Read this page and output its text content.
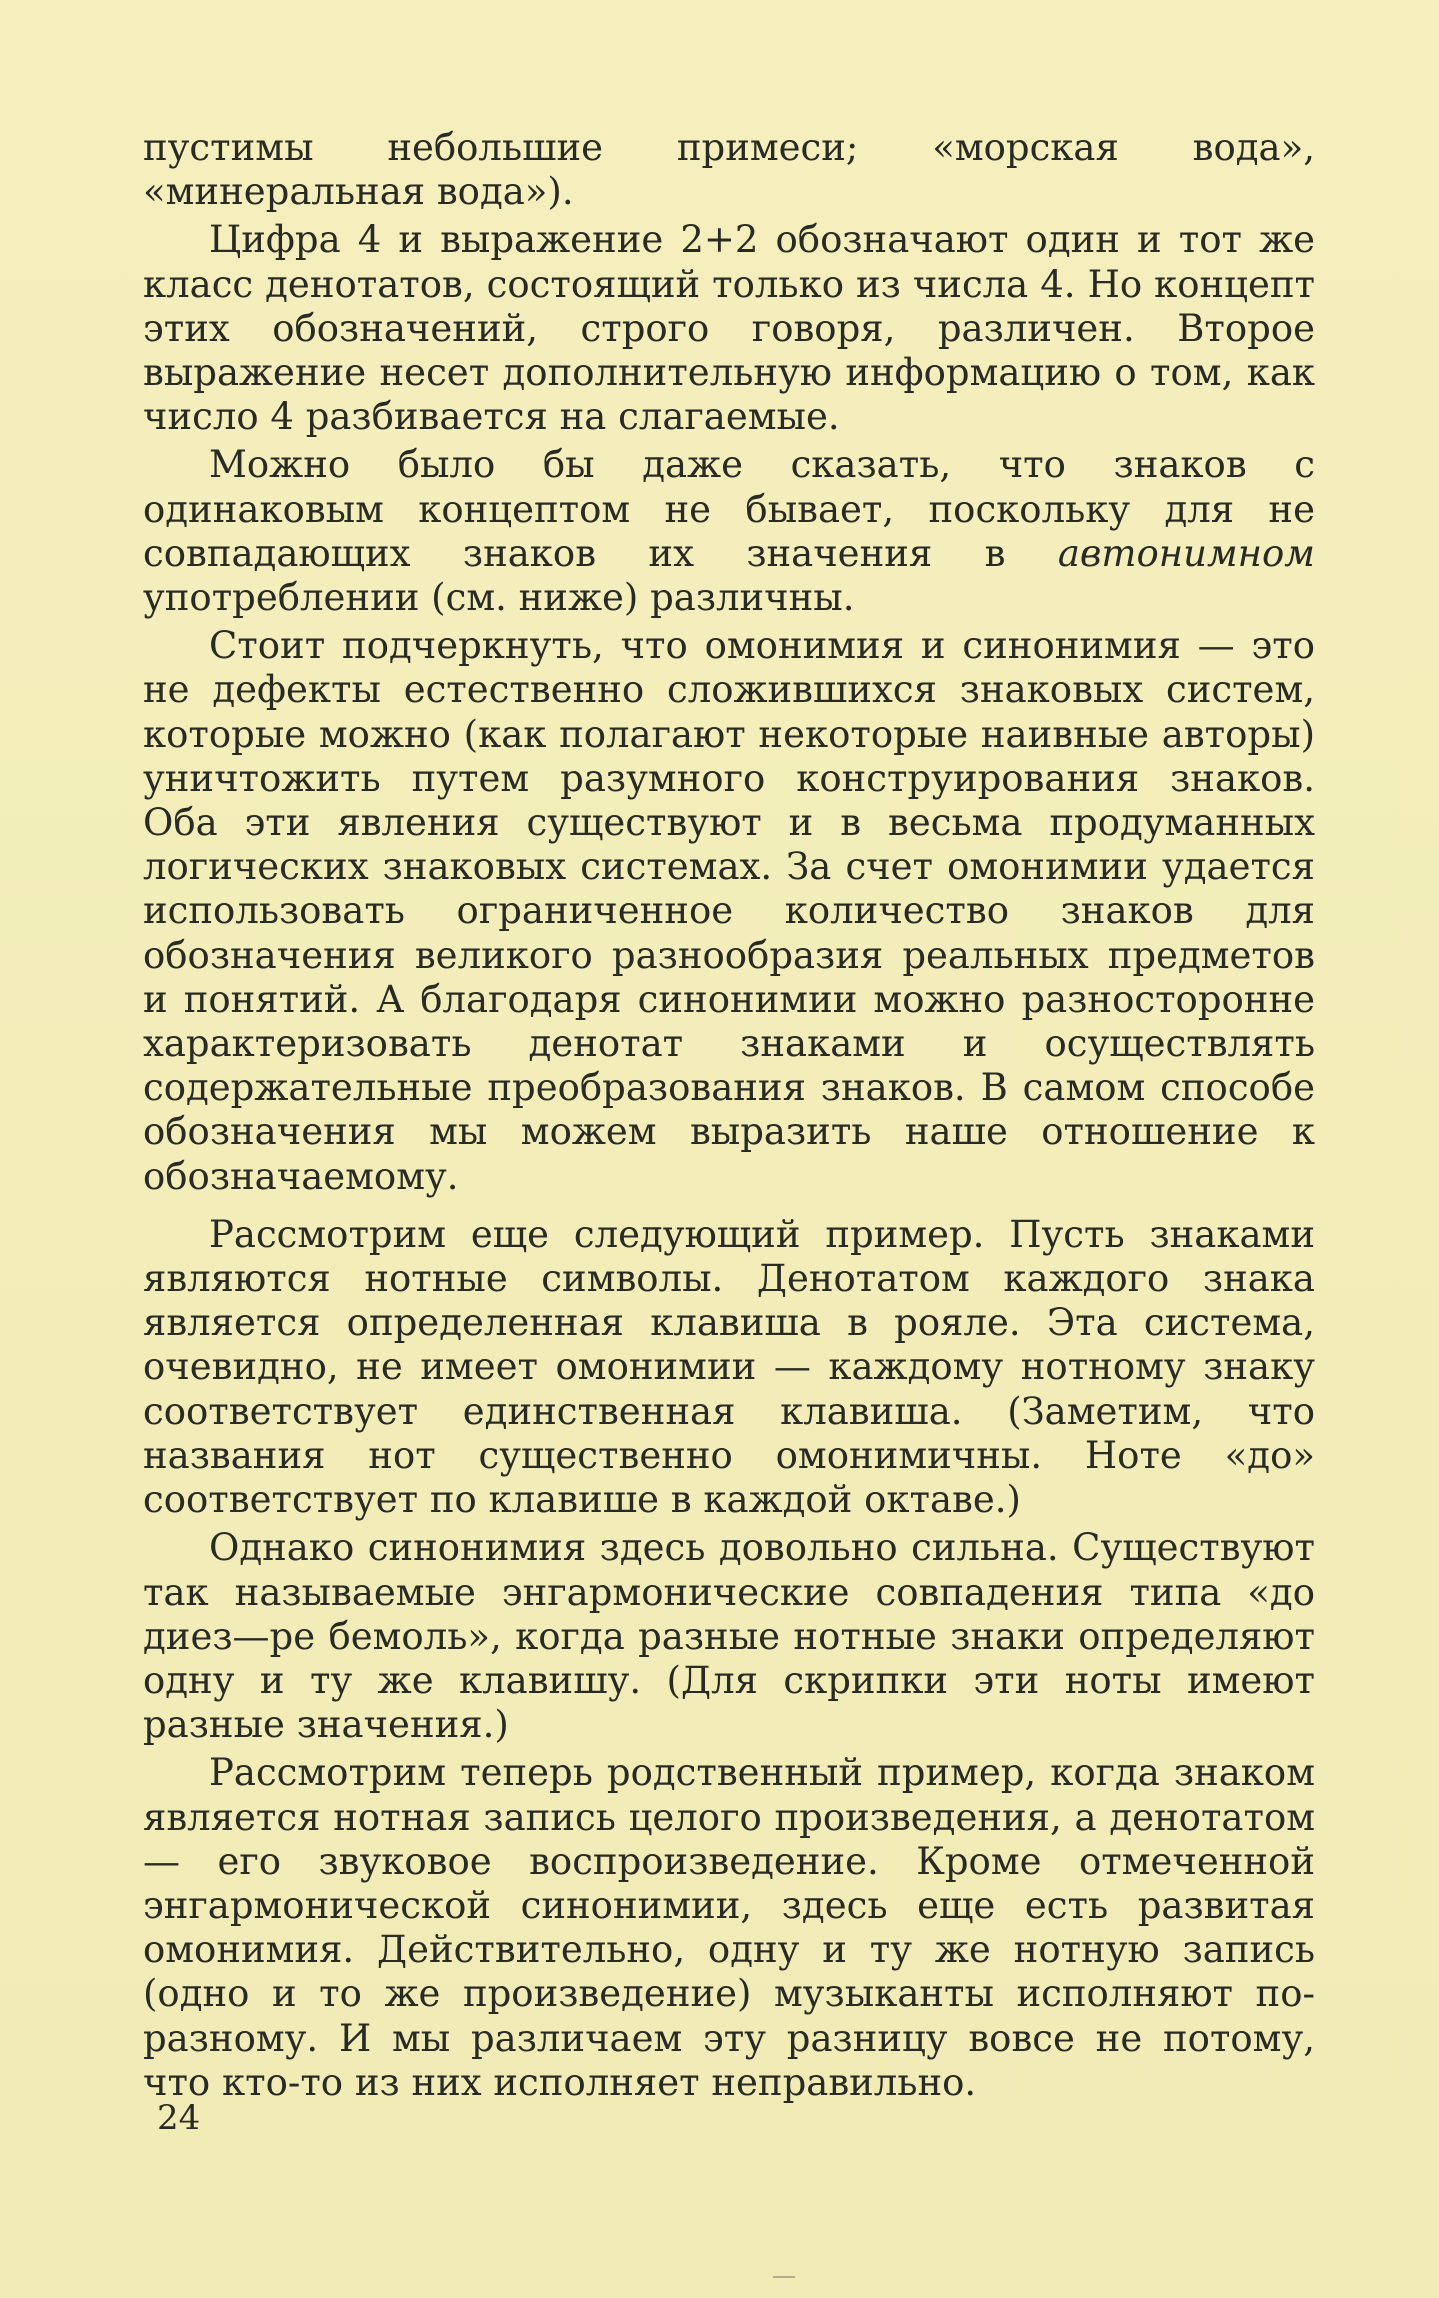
пустимы небольшие примеси; «морская вода», «минеральная вода»).

Цифра 4 и выражение 2+2 обозначают один и тот же класс денотатов, состоящий только из числа 4. Но концепт этих обозначений, строго говоря, различен. Второе выражение несет дополнительную информацию о том, как число 4 разбивается на слагаемые.

Можно было бы даже сказать, что знаков с одинаковым концептом не бывает, поскольку для не совпадающих знаков их значения в автонимном употреблении (см. ниже) различны.

Стоит подчеркнуть, что омонимия и синонимия — это не дефекты естественно сложившихся знаковых систем, которые можно (как полагают некоторые наивные авторы) уничтожить путем разумного конструирования знаков. Оба эти явления существуют и в весьма продуманных логических знаковых системах. За счет омонимии удается использовать ограниченное количество знаков для обозначения великого разнообразия реальных предметов и понятий. А благодаря синонимии можно разносторонне характеризовать денотат знаками и осуществлять содержательные преобразования знаков. В самом способе обозначения мы можем выразить наше отношение к обозначаемому.

Рассмотрим еще следующий пример. Пусть знаками являются нотные символы. Денотатом каждого знака является определенная клавиша в рояле. Эта система, очевидно, не имеет омонимии — каждому нотному знаку соответствует единственная клавиша. (Заметим, что названия нот существенно омонимичны. Ноте «до» соответствует по клавише в каждой октаве.)

Однако синонимия здесь довольно сильна. Существуют так называемые энгармонические совпадения типа «до диез—ре бемоль», когда разные нотные знаки определяют одну и ту же клавишу. (Для скрипки эти ноты имеют разные значения.)

Рассмотрим теперь родственный пример, когда знаком является нотная запись целого произведения, а денотатом — его звуковое воспроизведение. Кроме отмеченной энгармонической синонимии, здесь еще есть развитая омонимия. Действительно, одну и ту же нотную запись (одно и то же произведение) музыканты исполняют по-разному. И мы различаем эту разницу вовсе не потому, что кто-то из них исполняет неправильно.

24
